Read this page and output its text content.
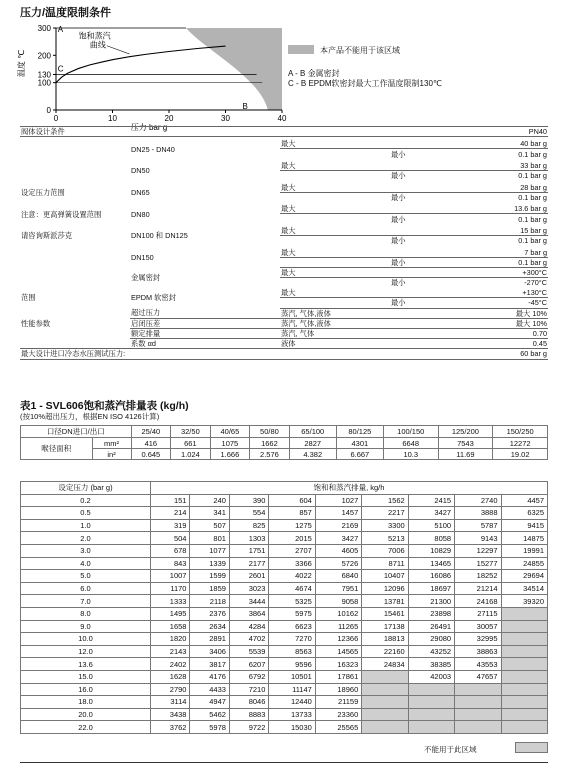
压力/温度限制条件
0	10	20	30	40
0
100
130
200
300
压力 bar g
温度 ℃
饱和蒸汽
曲线
A
B
C
本产品不能用于该区域
A - B 金属密封
C - B EPDM软密封最大工作温度限制130℃
阀体设计条件				PN40
	DN25 - DN40	最大		40 bar g
			最小	0.1 bar g
	DN50	最大		33 bar g
			最小	0.1 bar g
设定压力范围	DN65	最大		28 bar g
			最小	0.1 bar g
注意：更高弹簧设置范围	DN80	最大		13.6 bar g
			最小	0.1 bar g
请咨询斯派莎克	DN100 和 DN125	最大		15 bar g
			最小	0.1 bar g
	DN150	最大		7 bar g
			最小	0.1 bar g
	金属密封	最大		+300°C
			最小	-270°C
范围	EPDM 软密封	最大		+130°C
			最小	-45°C
	超过压力	蒸汽, 气体,液体		最大 10%
性能参数	启闭压差	蒸汽, 气体,液体		最大 10%
	额定排量	蒸汽, 气体		0.70
	系数 αd	液体		0.45
最大设计进口冷态水压测试压力:				60 bar g
表1 - SVL606饱和蒸汽排量表 (kg/h)
(按10%超出压力，根据EN ISO 4126计算)
口径DN进口/出口		25/40	32/50	40/65	50/80	65/100	80/125	100/150	125/200	150/250
喉径面积	mm²	416	661	1075	1662	2827	4301	6648	7543	12272
	in²	0.645	1.024	1.666	2.576	4.382	6.667	10.3	11.69	19.02
设定压力 (bar g)	饱和和蒸汽排量, kg/h								
0.2	151	240	390	604	1027	1562	2415	2740	4457
0.5	214	341	554	857	1457	2217	3427	3888	6325
1.0	319	507	825	1275	2169	3300	5100	5787	9415
2.0	504	801	1303	2015	3427	5213	8058	9143	14875
3.0	678	1077	1751	2707	4605	7006	10829	12297	19991
4.0	843	1339	2177	3366	5726	8711	13465	15277	24855
5.0	1007	1599	2601	4022	6840	10407	16086	18252	29694
6.0	1170	1859	3023	4674	7951	12096	18697	21214	34514
7.0	1333	2118	3444	5325	9058	13781	21300	24168	39320
8.0	1495	2376	3864	5975	10162	15461	23898	27115	
9.0	1658	2634	4284	6623	11265	17138	26491	30057	
10.0	1820	2891	4702	7270	12366	18813	29080	32995	
12.0	2143	3406	5539	8563	14565	22160	43252	38863	
13.6	2402	3817	6207	9596	16323	24834	38385	43553	
15.0	1628	4176	6792	10501	17861		42003	47657	
16.0	2790	4433	7210	11147	18960				
18.0	3114	4947	8046	12440	21159				
20.0	3438	5462	8883	13733	23360				
22.0	3762	5978	9722	15030	25565				
不能用于此区域
